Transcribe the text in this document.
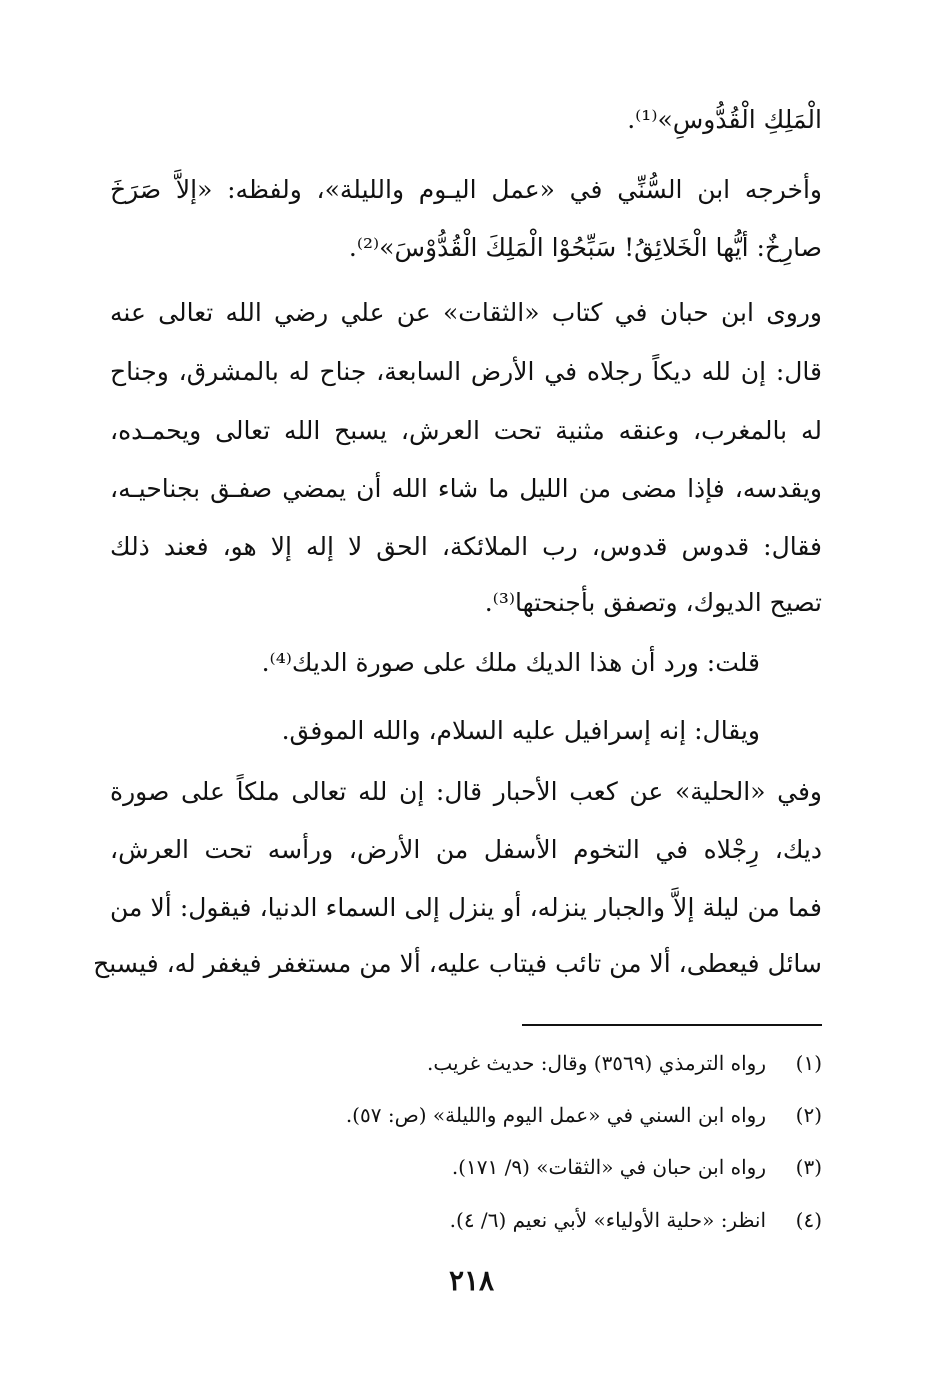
الْمَلِكِ الْقُدُّوسِ»⁽¹⁾.
وأخرجه ابن السُّنِّي في «عمل اليـوم والليلة»، ولفظه: «إلاَّ صَرَخَ
صارِخٌ: أيُّها الْخَلائِقُ! سَبِّحُوْا الْمَلِكَ الْقُدُّوْسَ»⁽²⁾.
وروى ابن حبان في كتاب «الثقات» عن علي رضي الله تعالى عنه
قال: إن لله ديكاً رجلاه في الأرض السابعة، جناح له بالمشرق، وجناح
له بالمغرب، وعنقه مثنية تحت العرش، يسبح الله تعالى ويحمـده،
ويقدسه، فإذا مضى من الليل ما شاء الله أن يمضي صفـق بجناحيـه،
فقال: قدوس قدوس، رب الملائكة، الحق لا إله إلا هو، فعند ذلك
تصيح الديوك، وتصفق بأجنحتها⁽³⁾.
قلت: ورد أن هذا الديك ملك على صورة الديك⁽⁴⁾.
ويقال: إنه إسرافيل عليه السلام، والله الموفق.
وفي «الحلية» عن كعب الأحبار قال: إن لله تعالى ملكاً على صورة
ديك، رِجْلاه في التخوم الأسفل من الأرض، ورأسه تحت العرش،
فما من ليلة إلاَّ والجبار ينزله، أو ينزل إلى السماء الدنيا، فيقول: ألا من
سائل فيعطى، ألا من تائب فيتاب عليه، ألا من مستغفر فيغفر له، فيسبح
(١)رواه الترمذي (٣٥٦٩) وقال: حديث غريب.
(٢)رواه ابن السني في «عمل اليوم والليلة» (ص: ٥٧).
(٣)رواه ابن حبان في «الثقات» (٩/ ١٧١).
(٤)انظر: «حلية الأولياء» لأبي نعيم (٦/ ٤).
٢١٨
